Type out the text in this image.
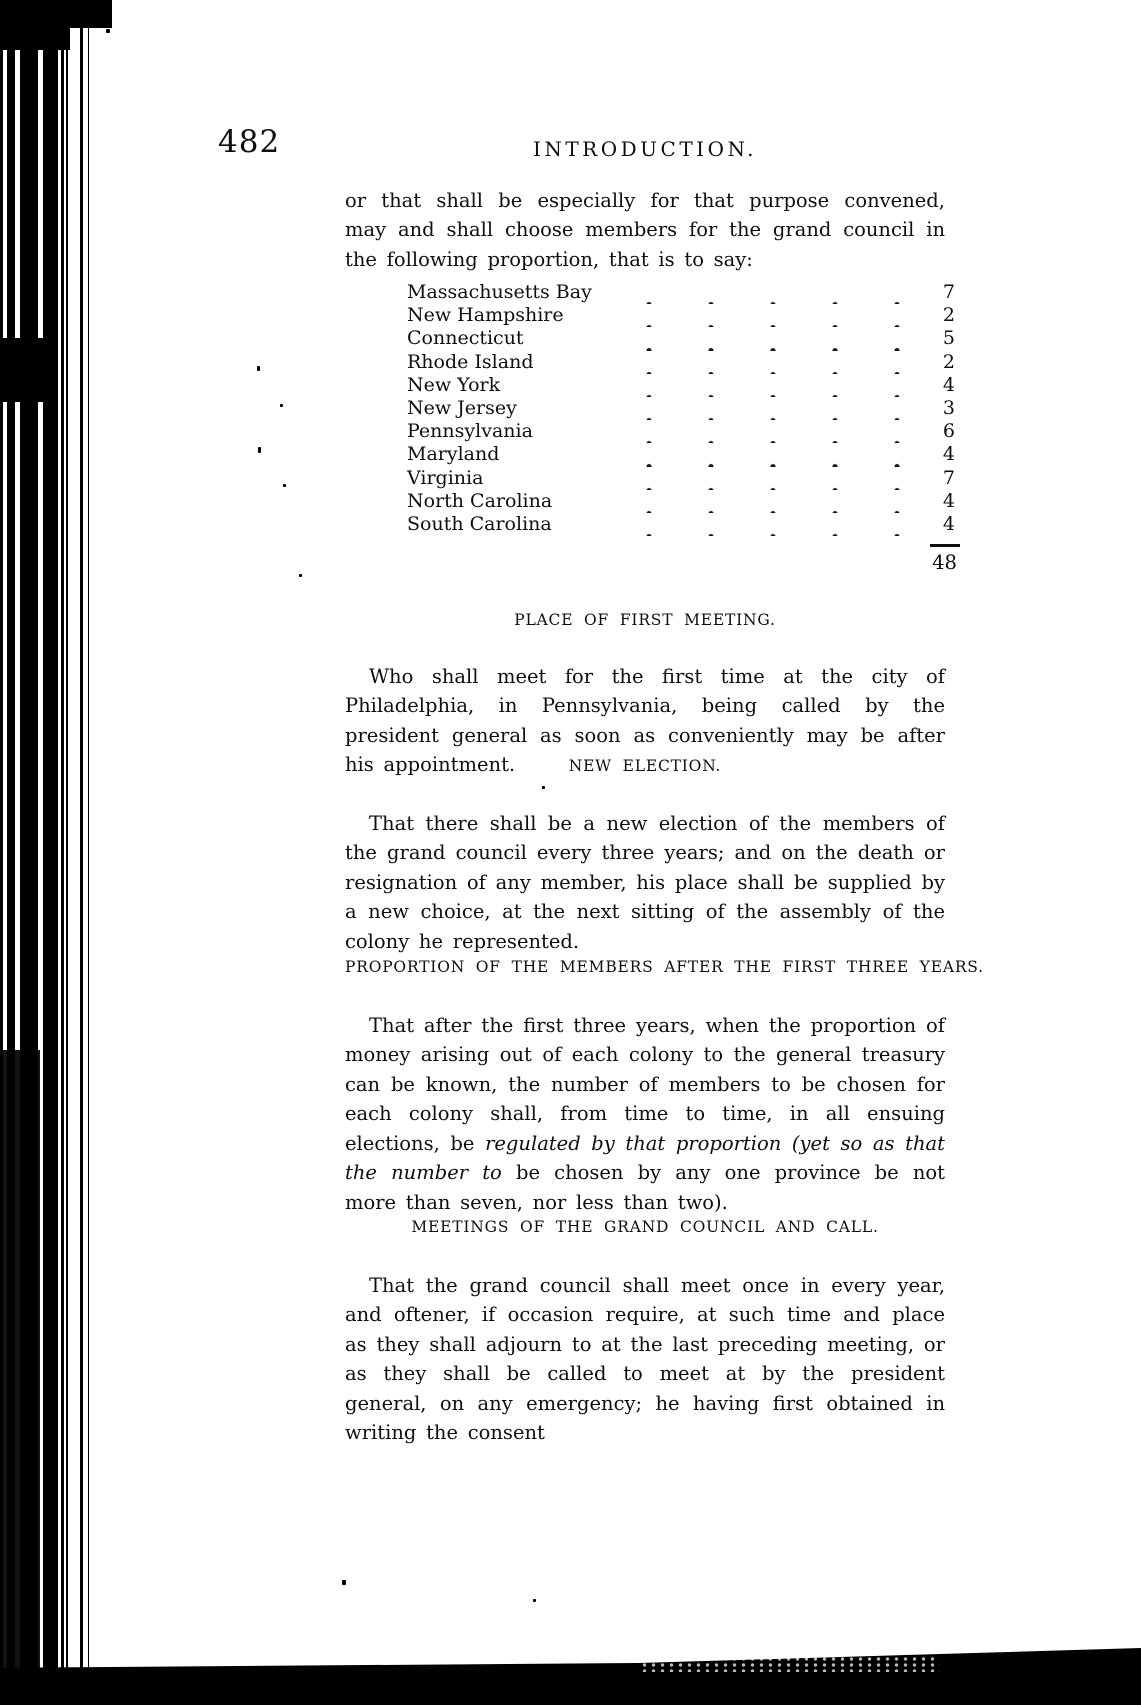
482	INTRODUCTION.

or that shall be especially for that purpose convened, may and shall choose members for the grand council in the following proportion, that is to say:

Massachusetts Bay	7
New Hampshire	2
Connecticut	5
Rhode Island	2
New York	4
New Jersey	3
Pennsylvania	6
Maryland	4
Virginia	7
North Carolina	4
South Carolina	4
48
PLACE OF FIRST MEETING.

Who shall meet for the first time at the city of Philadelphia, in Pennsylvania, being called by the president general as soon as conveniently may be after his appointment.	NEW ELECTION.

That there shall be a new election of the members of the grand council every three years; and on the death or resignation of any member, his place shall be supplied by a new choice, at the next sitting of the assembly of the colony he represented.

PROPORTION OF THE MEMBERS AFTER THE FIRST THREE YEARS.

That after the first three years, when the proportion of money arising out of each colony to the general treasury can be known, the number of members to be chosen for each colony shall, from time to time, in all ensuing elections, be regulated by that proportion (yet so as that the number to be chosen by any one province be not more than seven, nor less than two).

MEETINGS OF THE GRAND COUNCIL AND CALL.

That the grand council shall meet once in every year, and oftener, if occasion require, at such time and place as they shall adjourn to at the last preceding meeting, or as they shall be called to meet at by the president general, on any emergency; he having first obtained in writing the consent
